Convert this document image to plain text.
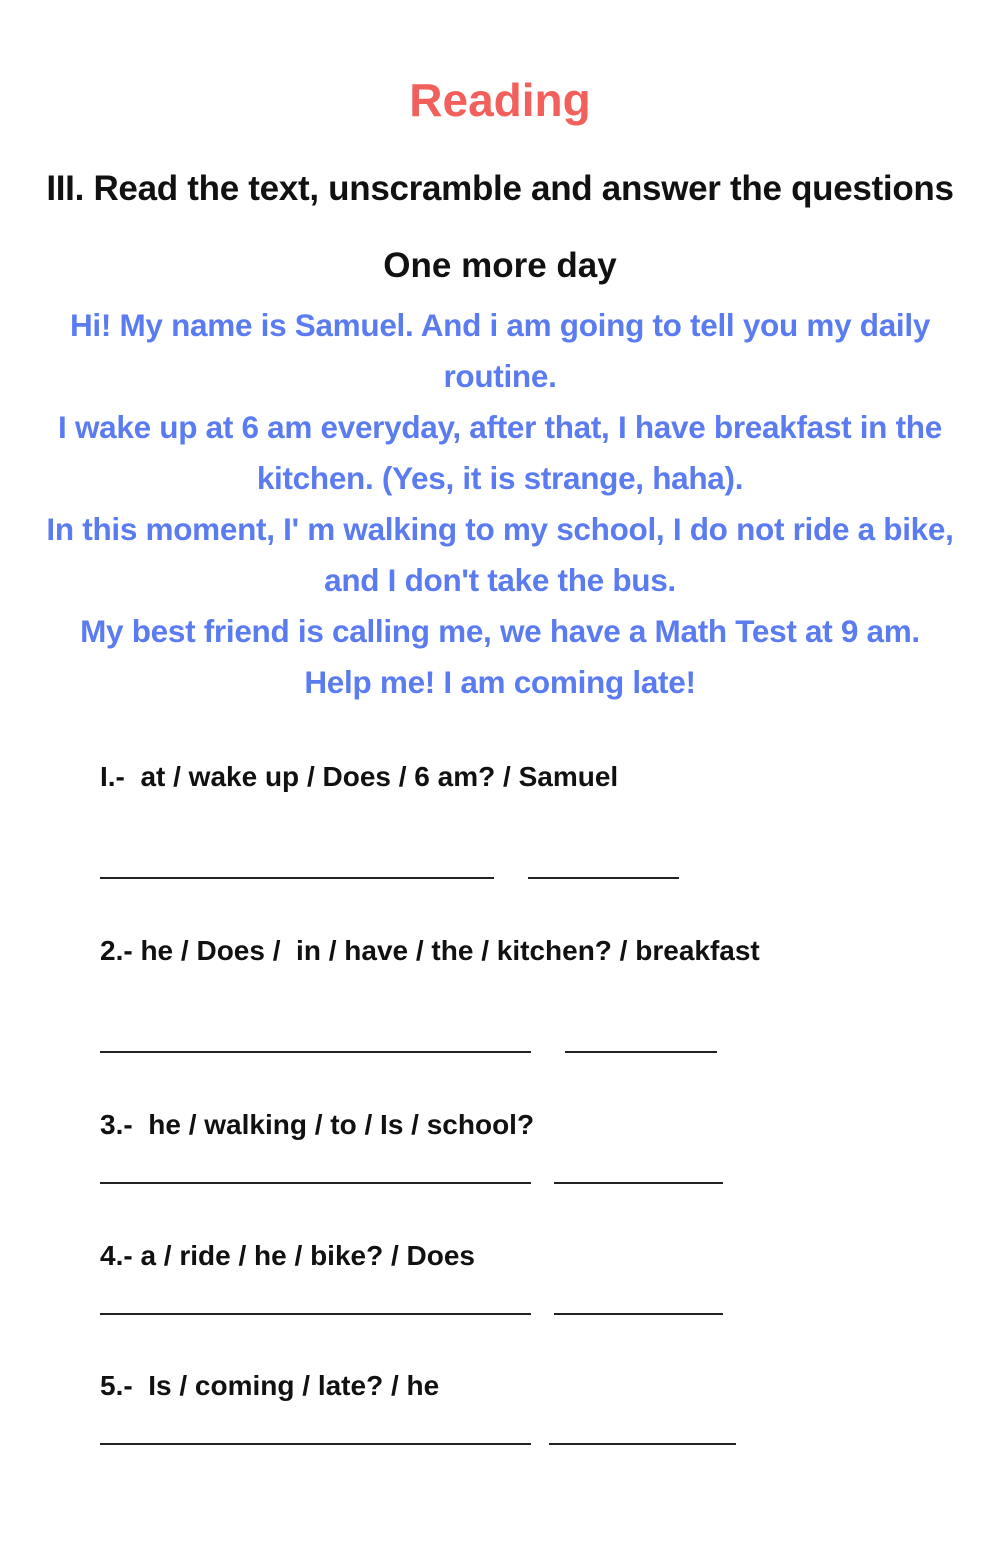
Reading
III. Read the text, unscramble and answer the questions
One more day
Hi! My name is Samuel. And i am going to tell you my daily
routine.
I wake up at 6 am everyday, after that, I have breakfast in the
kitchen. (Yes, it is strange, haha).
In this moment, I' m walking to my school, I do not ride a bike,
and I don't take the bus.
My best friend is calling me, we have a Math Test at 9 am.
Help me! I am coming late!
I.-  at / wake up / Does / 6 am? / Samuel
2.- he / Does /  in / have / the / kitchen? / breakfast
3.-  he / walking / to / Is / school?
4.- a / ride / he / bike? / Does
5.-  Is / coming / late? / he
